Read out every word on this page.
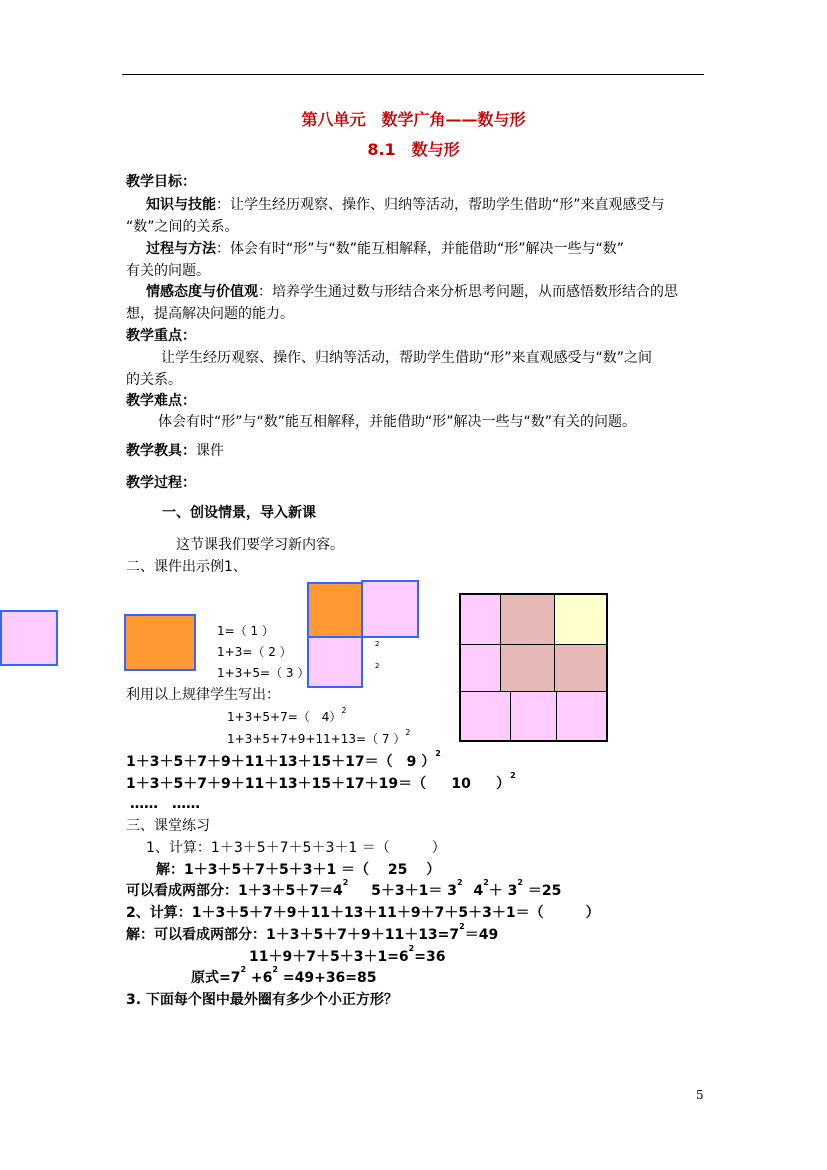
第八单元　数学广角——数与形
8.1　数与形
教学目标：
知识与技能：让学生经历观察、操作、归纳等活动，帮助学生借助“形”来直观感受与
“数”之间的关系。
过程与方法：体会有时“形”与“数”能互相解释，并能借助“形”解决一些与“数”
有关的问题。
情感态度与价值观：培养学生通过数与形结合来分析思考问题，从而感悟数形结合的思
想，提高解决问题的能力。
教学重点：
让学生经历观察、操作、归纳等活动，帮助学生借助“形”来直观感受与“数”之间
的关系。
教学难点：
体会有时“形”与“数”能互相解释，并能借助“形”解决一些与“数”有关的问题。
教学教具：课件
教学过程：
一、创设情景，导入新课
这节课我们要学习新内容。
二、课件出示例1、
1=（ 1 ）
1+3=（ 2 ）
1+3+5=（ 3 ）
2
2
利用以上规律学生写出：
1+3+5+7=（　4）$^2$
1+3+5+7+9+11+13=（ 7 ）$^2$
1＋3＋5＋7＋9＋11＋13＋15＋17＝（　9 ）$^2$
1＋3＋5＋7＋9＋11＋13＋15＋17＋19＝（ 10 ）$^2$
……　……
三、课堂练习
1、计算：1＋3＋5＋7＋5＋3＋1 ＝（　　　）
解：1＋3＋5＋7＋5＋3＋1 ＝（　 25　 ）
可以看成两部分：$1+3+5+7=4^2$ $5+3+1= 3^2$ $4^2+ 3^2 =25$
2、计算：1＋3＋5＋7＋9＋11＋13＋11＋9＋7＋5＋3＋1＝（　　　）
解：可以看成两部分：$1+3+5+7+9+11+13=7^2=49$
$11+9+7+5+3+1=6^2=36$
原式$=7^2 +6^2 =49+36=85$
3. 下面每个图中最外圈有多少个小正方形？
5
